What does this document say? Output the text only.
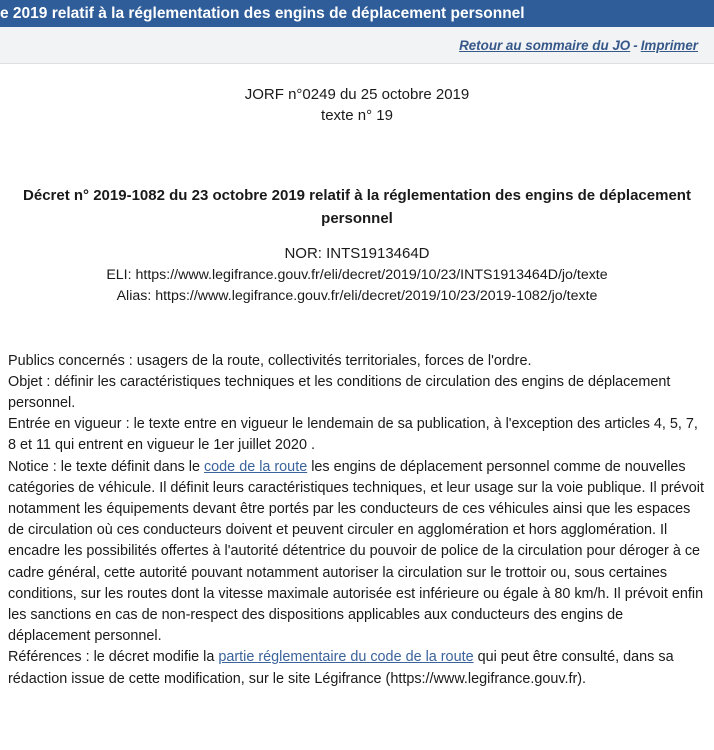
e 2019 relatif à la réglementation des engins de déplacement personnel
Retour au sommaire du JO - Imprimer
JORF n°0249 du 25 octobre 2019
texte n° 19
Décret n° 2019-1082 du 23 octobre 2019 relatif à la réglementation des engins de déplacement personnel
NOR: INTS1913464D
ELI: https://www.legifrance.gouv.fr/eli/decret/2019/10/23/INTS1913464D/jo/texte
Alias: https://www.legifrance.gouv.fr/eli/decret/2019/10/23/2019-1082/jo/texte

Publics concernés : usagers de la route, collectivités territoriales, forces de l'ordre.

Objet : définir les caractéristiques techniques et les conditions de circulation des engins de déplacement personnel.

Entrée en vigueur : le texte entre en vigueur le lendemain de sa publication, à l'exception des articles 4, 5, 7, 8 et 11 qui entrent en vigueur le 1er juillet 2020 .

Notice : le texte définit dans le code de la route les engins de déplacement personnel comme de nouvelles catégories de véhicule. Il définit leurs caractéristiques techniques, et leur usage sur la voie publique. Il prévoit notamment les équipements devant être portés par les conducteurs de ces véhicules ainsi que les espaces de circulation où ces conducteurs doivent et peuvent circuler en agglomération et hors agglomération. Il encadre les possibilités offertes à l'autorité détentrice du pouvoir de police de la circulation pour déroger à ce cadre général, cette autorité pouvant notamment autoriser la circulation sur le trottoir ou, sous certaines conditions, sur les routes dont la vitesse maximale autorisée est inférieure ou égale à 80 km/h. Il prévoit enfin les sanctions en cas de non-respect des dispositions applicables aux conducteurs des engins de déplacement personnel.

Références : le décret modifie la partie réglementaire du code de la route qui peut être consulté, dans sa rédaction issue de cette modification, sur le site Légifrance (https://www.legifrance.gouv.fr).
